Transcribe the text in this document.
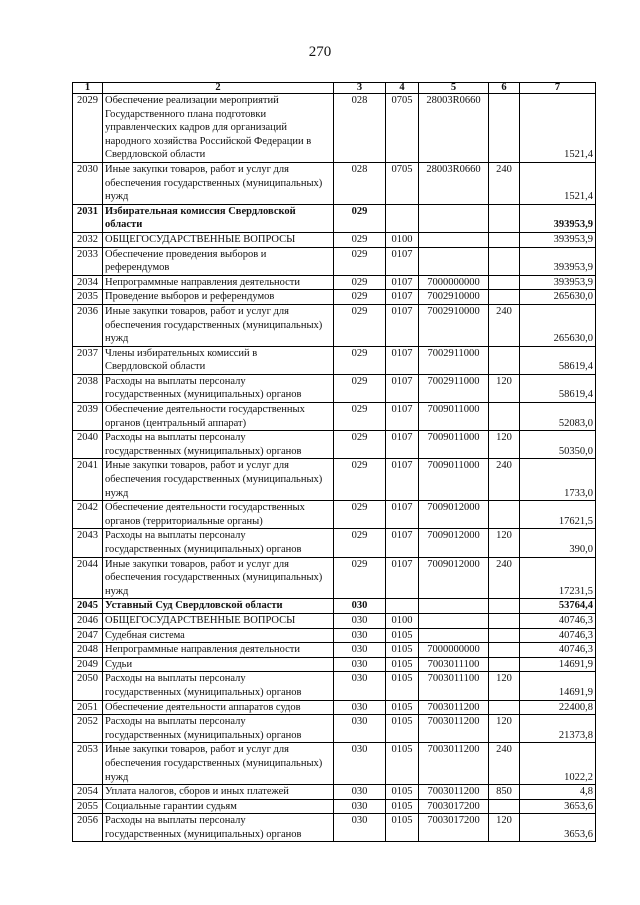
270
1	2	3	4	5	6	7
2029	Обеспечение реализации мероприятий
Государственного плана подготовки
управленческих кадров для организаций
народного хозяйства Российской Федерации в
Свердловской области	028	0705	28003R0660		1521,4
2030	Иные закупки товаров, работ и услуг для
обеспечения государственных (муниципальных)
нужд	028	0705	28003R0660	240	1521,4
2031	Избирательная комиссия Свердловской
области	029				393953,9
2032	ОБЩЕГОСУДАРСТВЕННЫЕ ВОПРОСЫ	029	0100			393953,9
2033	Обеспечение проведения выборов и
референдумов	029	0107			393953,9
2034	Непрограммные направления деятельности	029	0107	7000000000		393953,9
2035	Проведение выборов и референдумов	029	0107	7002910000		265630,0
2036	Иные закупки товаров, работ и услуг для
обеспечения государственных (муниципальных)
нужд	029	0107	7002910000	240	265630,0
2037	Члены избирательных комиссий в
Свердловской области	029	0107	7002911000		58619,4
2038	Расходы на выплаты персоналу
государственных (муниципальных) органов	029	0107	7002911000	120	58619,4
2039	Обеспечение деятельности государственных
органов (центральный аппарат)	029	0107	7009011000		52083,0
2040	Расходы на выплаты персоналу
государственных (муниципальных) органов	029	0107	7009011000	120	50350,0
2041	Иные закупки товаров, работ и услуг для
обеспечения государственных (муниципальных)
нужд	029	0107	7009011000	240	1733,0
2042	Обеспечение деятельности государственных
органов (территориальные органы)	029	0107	7009012000		17621,5
2043	Расходы на выплаты персоналу
государственных (муниципальных) органов	029	0107	7009012000	120	390,0
2044	Иные закупки товаров, работ и услуг для
обеспечения государственных (муниципальных)
нужд	029	0107	7009012000	240	17231,5
2045	Уставный Суд Свердловской области	030				53764,4
2046	ОБЩЕГОСУДАРСТВЕННЫЕ ВОПРОСЫ	030	0100			40746,3
2047	Судебная система	030	0105			40746,3
2048	Непрограммные направления деятельности	030	0105	7000000000		40746,3
2049	Судьи	030	0105	7003011100		14691,9
2050	Расходы на выплаты персоналу
государственных (муниципальных) органов	030	0105	7003011100	120	14691,9
2051	Обеспечение деятельности аппаратов судов	030	0105	7003011200		22400,8
2052	Расходы на выплаты персоналу
государственных (муниципальных) органов	030	0105	7003011200	120	21373,8
2053	Иные закупки товаров, работ и услуг для
обеспечения государственных (муниципальных)
нужд	030	0105	7003011200	240	1022,2
2054	Уплата налогов, сборов и иных платежей	030	0105	7003011200	850	4,8
2055	Социальные гарантии судьям	030	0105	7003017200		3653,6
2056	Расходы на выплаты персоналу
государственных (муниципальных) органов	030	0105	7003017200	120	3653,6
